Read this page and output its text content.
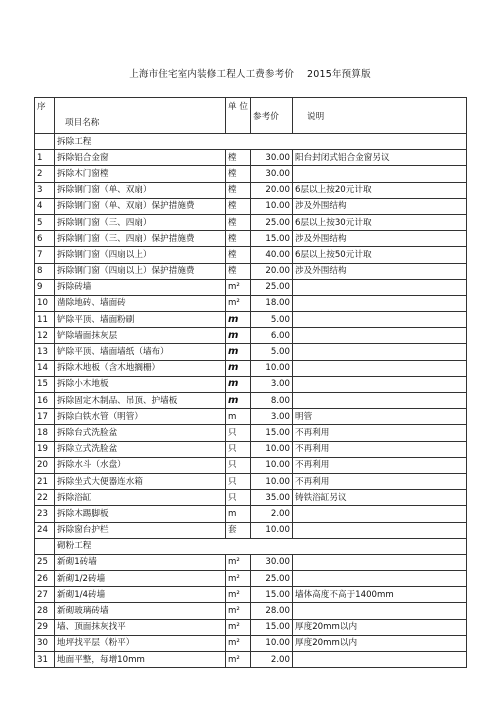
上海市住宅室内装修工程人工费参考价　 2015年预算版
序	项目名称	单 位	参考价	说明
	拆除工程			
1	拆除铝合金窗	樘	30.00	阳台封闭式铝合金窗另议
2	拆除木门窗樘	樘	30.00	
3	拆除钢门窗（单、双扇）	樘	20.00	6层以上按20元计取
4	拆除钢门窗（单、双扇）保护措施费	樘	10.00	涉及外围结构
5	拆除钢门窗（三、四扇）	樘	25.00	6层以上按30元计取
6	拆除钢门窗（三、四扇）保护措施费	樘	15.00	涉及外围结构
7	拆除钢门窗（四扇以上）	樘	40.00	6层以上按50元计取
8	拆除钢门窗（四扇以上）保护措施费	樘	20.00	涉及外围结构
9	拆除砖墙	m²	25.00	
10	凿除地砖、墙面砖	m²	18.00	
11	铲除平顶、墙面粉刷	m	5.00	
12	铲除墙面抹灰层	m	6.00	
13	铲除平顶、墙面墙纸（墙布）	m	5.00	
14	拆除木地板（含木地搁栅）	m	10.00	
15	拆除小木地板	m	3.00	
16	拆除固定木制品、吊顶、护墙板	m	8.00	
17	拆除白铁水管（明管）	m	3.00	明管
18	拆除台式洗脸盆	只	15.00	不再利用
19	拆除立式洗脸盆	只	10.00	不再利用
20	拆除水斗（水盘）	只	10.00	不再利用
21	拆除坐式大便器连水箱	只	10.00	不再利用
22	拆除浴缸	只	35.00	铸铁浴缸另议
23	拆除木踢脚板	m	2.00	
24	拆除窗台护栏	套	10.00	
	砌粉工程			
25	新砌1砖墙	m²	30.00	
26	新砌1/2砖墙	m²	25.00	
27	新砌1/4砖墙	m²	15.00	墙体高度不高于1400mm
28	新砌玻璃砖墙	m²	28.00	
29	墙、顶面抹灰找平	m²	15.00	厚度20mm以内
30	地坪找平层（粉平）	m²	10.00	厚度20mm以内
31	地面平整，每增10mm	m²	2.00	
